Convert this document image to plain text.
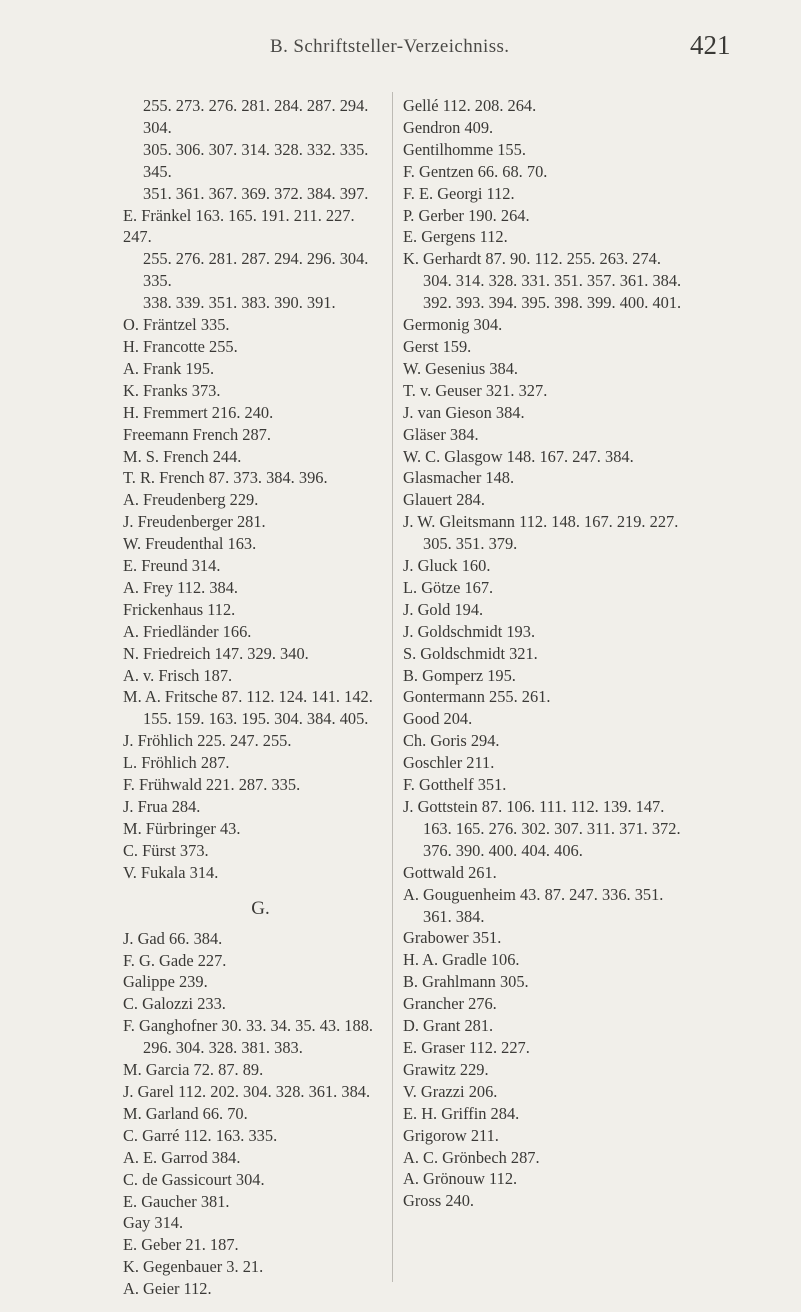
B. Schriftsteller-Verzeichniss.	421
255. 273. 276. 281. 284. 287. 294. 304.
305. 306. 307. 314. 328. 332. 335. 345.
351. 361. 367. 369. 372. 384. 397.
E. Fränkel 163. 165. 191. 211. 227. 247.
255. 276. 281. 287. 294. 296. 304. 335.
338. 339. 351. 383. 390. 391.
O. Fräntzel 335.
H. Francotte 255.
A. Frank 195.
K. Franks 373.
H. Fremmert 216. 240.
Freemann French 287.
M. S. French 244.
T. R. French 87. 373. 384. 396.
A. Freudenberg 229.
J. Freudenberger 281.
W. Freudenthal 163.
E. Freund 314.
A. Frey 112. 384.
Frickenhaus 112.
A. Friedländer 166.
N. Friedreich 147. 329. 340.
A. v. Frisch 187.
M. A. Fritsche 87. 112. 124. 141. 142.
155. 159. 163. 195. 304. 384. 405.
J. Fröhlich 225. 247. 255.
L. Fröhlich 287.
F. Frühwald 221. 287. 335.
J. Frua 284.
M. Fürbringer 43.
C. Fürst 373.
V. Fukala 314.
G.
J. Gad 66. 384.
F. G. Gade 227.
Galippe 239.
C. Galozzi 233.
F. Ganghofner 30. 33. 34. 35. 43. 188.
296. 304. 328. 381. 383.
M. Garcia 72. 87. 89.
J. Garel 112. 202. 304. 328. 361. 384.
M. Garland 66. 70.
C. Garré 112. 163. 335.
A. E. Garrod 384.
C. de Gassicourt 304.
E. Gaucher 381.
Gay 314.
E. Geber 21. 187.
K. Gegenbauer 3. 21.
A. Geier 112.
Gellé 112. 208. 264.
Gendron 409.
Gentilhomme 155.
F. Gentzen 66. 68. 70.
F. E. Georgi 112.
P. Gerber 190. 264.
E. Gergens 112.
K. Gerhardt 87. 90. 112. 255. 263. 274.
304. 314. 328. 331. 351. 357. 361. 384.
392. 393. 394. 395. 398. 399. 400. 401.
Germonig 304.
Gerst 159.
W. Gesenius 384.
T. v. Geuser 321. 327.
J. van Gieson 384.
Gläser 384.
W. C. Glasgow 148. 167. 247. 384.
Glasmacher 148.
Glauert 284.
J. W. Gleitsmann 112. 148. 167. 219. 227.
305. 351. 379.
J. Gluck 160.
L. Götze 167.
J. Gold 194.
J. Goldschmidt 193.
S. Goldschmidt 321.
B. Gomperz 195.
Gontermann 255. 261.
Good 204.
Ch. Goris 294.
Goschler 211.
F. Gotthelf 351.
J. Gottstein 87. 106. 111. 112. 139. 147.
163. 165. 276. 302. 307. 311. 371. 372.
376. 390. 400. 404. 406.
Gottwald 261.
A. Gouguenheim 43. 87. 247. 336. 351.
361. 384.
Grabower 351.
H. A. Gradle 106.
B. Grahlmann 305.
Grancher 276.
D. Grant 281.
E. Graser 112. 227.
Grawitz 229.
V. Grazzi 206.
E. H. Griffin 284.
Grigorow 211.
A. C. Grönbech 287.
A. Grönouw 112.
Gross 240.
